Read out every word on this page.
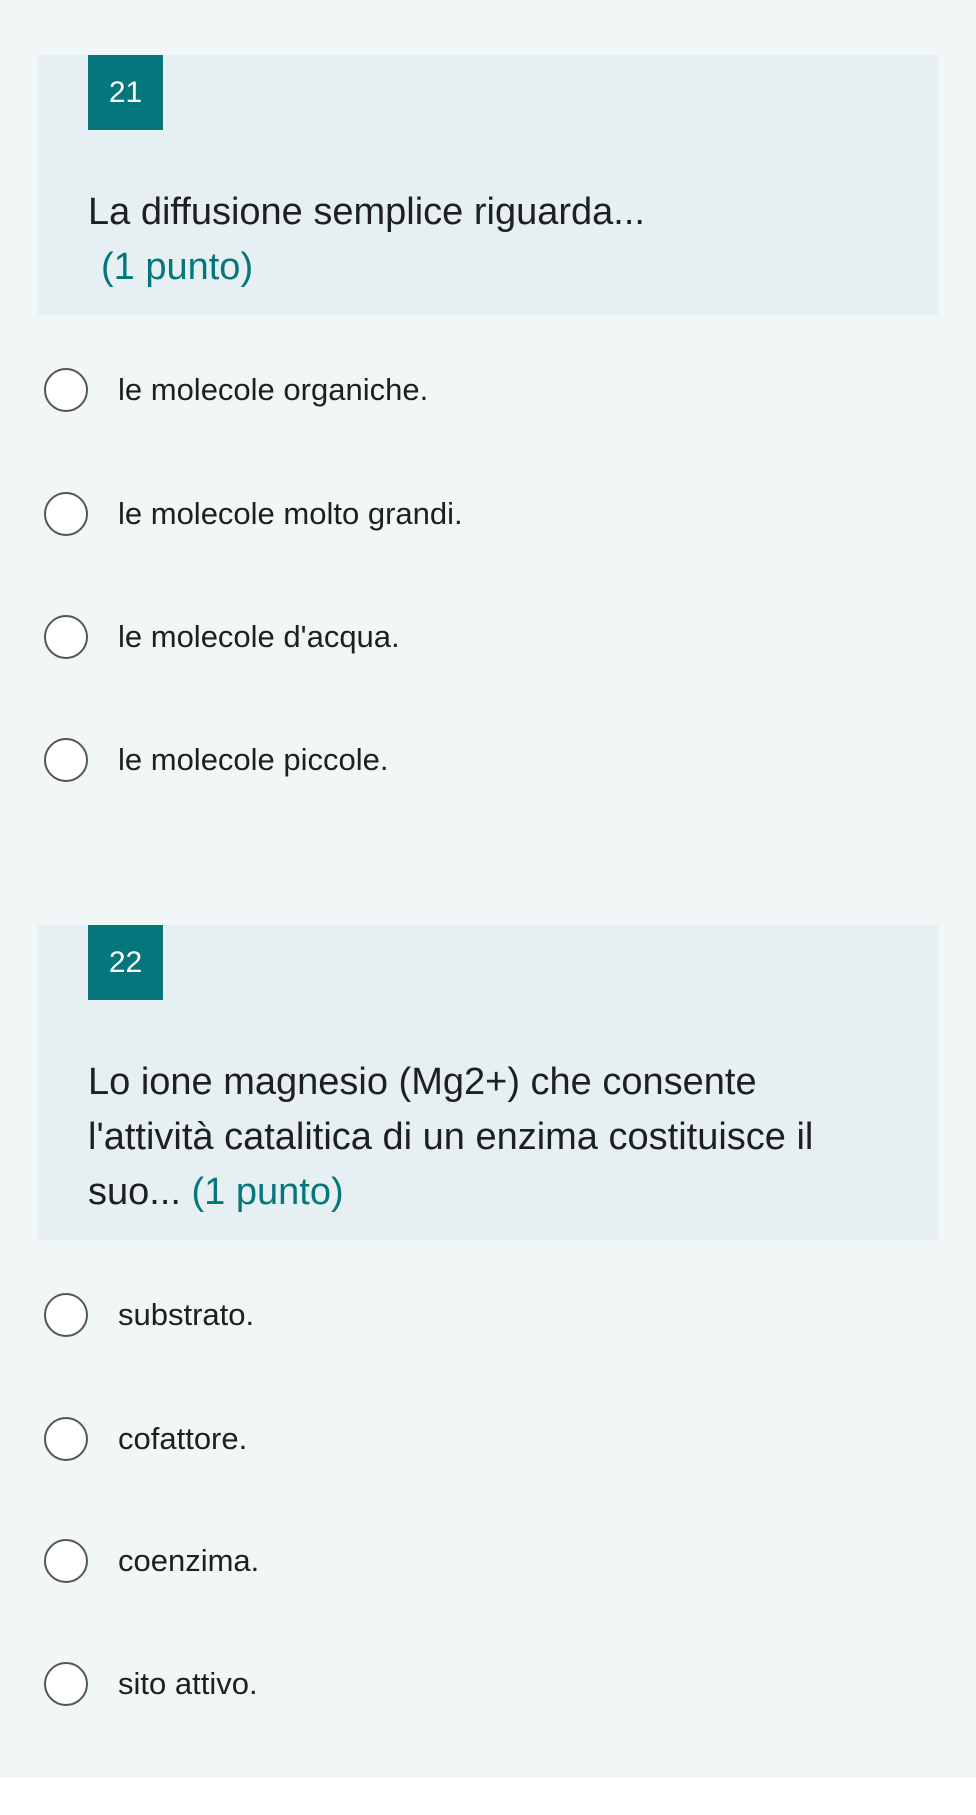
21
La diffusione semplice riguarda...
(1 punto)
le molecole organiche.
le molecole molto grandi.
le molecole d'acqua.
le molecole piccole.
22
Lo ione magnesio (Mg2+) che consente l'attività catalitica di un enzima costituisce il suo... (1 punto)
substrato.
cofattore.
coenzima.
sito attivo.
